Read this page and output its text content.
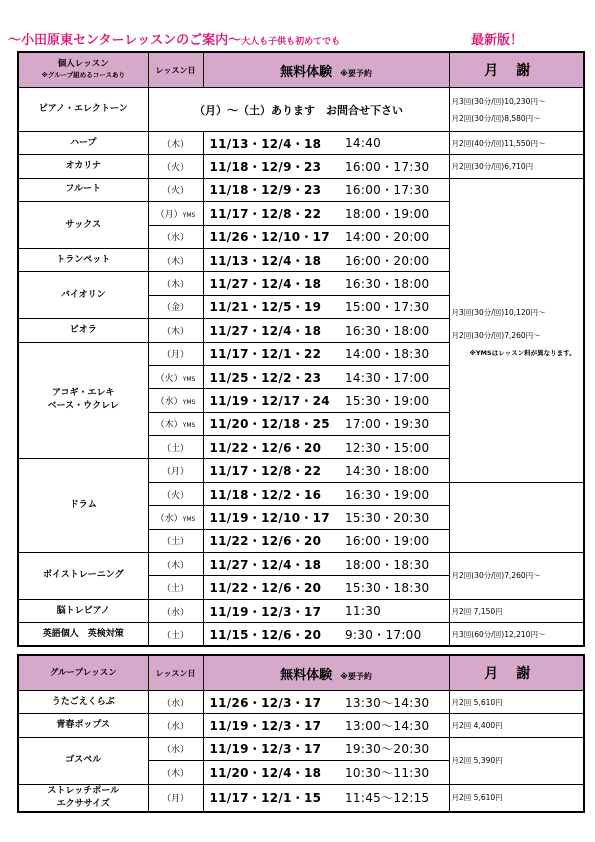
～小田原東センターレッスンのご案内～大人も子供も初めてでも	最新版！
個人レッスン
※グループ組めるコースあり	レッスン日	無料体験 ※要予約		月謝
ピアノ・エレクトーン	（月）～（土）あります　お問合せ下さい			月3回(30分/回)10,230円～
月2回(30分/回)8,580円～

ハープ	（木）	11/13・12/4・18	14:40	月2回(40分/回)11,550円～
オカリナ	（火）	11/18・12/9・23	16:00・17:30	月2回(30分/回)6,710円
フルート	（火）	11/18・12/9・23	16:00・17:30	月3回(30分/回)10,120円～
月2回(30分/回)7,260円～
※YMSはレッスン料が異なります。

サックス	（月）YMS	11/17・12/8・22	18:00・19:00	
	（水）	11/26・12/10・17	14:00・20:00	
トランペット	（木）	11/13・12/4・18	16:00・20:00	
バイオリン	（木）	11/27・12/4・18	16:30・18:00	
	（金）	11/21・12/5・19	15:00・17:30	
ビオラ	（木）	11/27・12/4・18	16:30・18:00	
アコギ・エレキ
ベース・ウクレレ	（月）	11/17・12/1・22	14:00・18:30	
	（火）YMS	11/25・12/2・23	14:30・17:00	
	（水）YMS	11/19・12/17・24	15:30・19:00	
	（木）YMS	11/20・12/18・25	17:00・19:30	
	（土）	11/22・12/6・20	12:30・15:00	
ドラム	（月）	11/17・12/8・22	14:30・18:00	
	（火）	11/18・12/2・16	16:30・19:00	
	（水）YMS	11/19・12/10・17	15:30・20:30	
	（土）	11/22・12/6・20	16:00・19:00	
ボイストレーニング	（木）	11/27・12/4・18	18:00・18:30	月2回(30分/回)7,260円～
	（土）	11/22・12/6・20	15:30・18:30	
脳トレピアノ	（水）	11/19・12/3・17	11:30	月2回 7,150円
英語個人　英検対策	（土）	11/15・12/6・20	9:30・17:00	月3回(60分/回)12,210円～
グループレッスン	レッスン日	無料体験 ※要予約		月謝
うたごえくらぶ	（水）	11/26・12/3・17	13:30～14:30	月2回 5,610円
青春ポップス	（水）	11/19・12/3・17	13:00～14:30	月2回 4,400円
ゴスペル	（水）	11/19・12/3・17	19:30～20:30	月2回 5,390円
	（木）	11/20・12/4・18	10:30～11:30	
ストレッチポール
エクササイズ	（月）	11/17・12/1・15	11:45～12:15	月2回 5,610円
